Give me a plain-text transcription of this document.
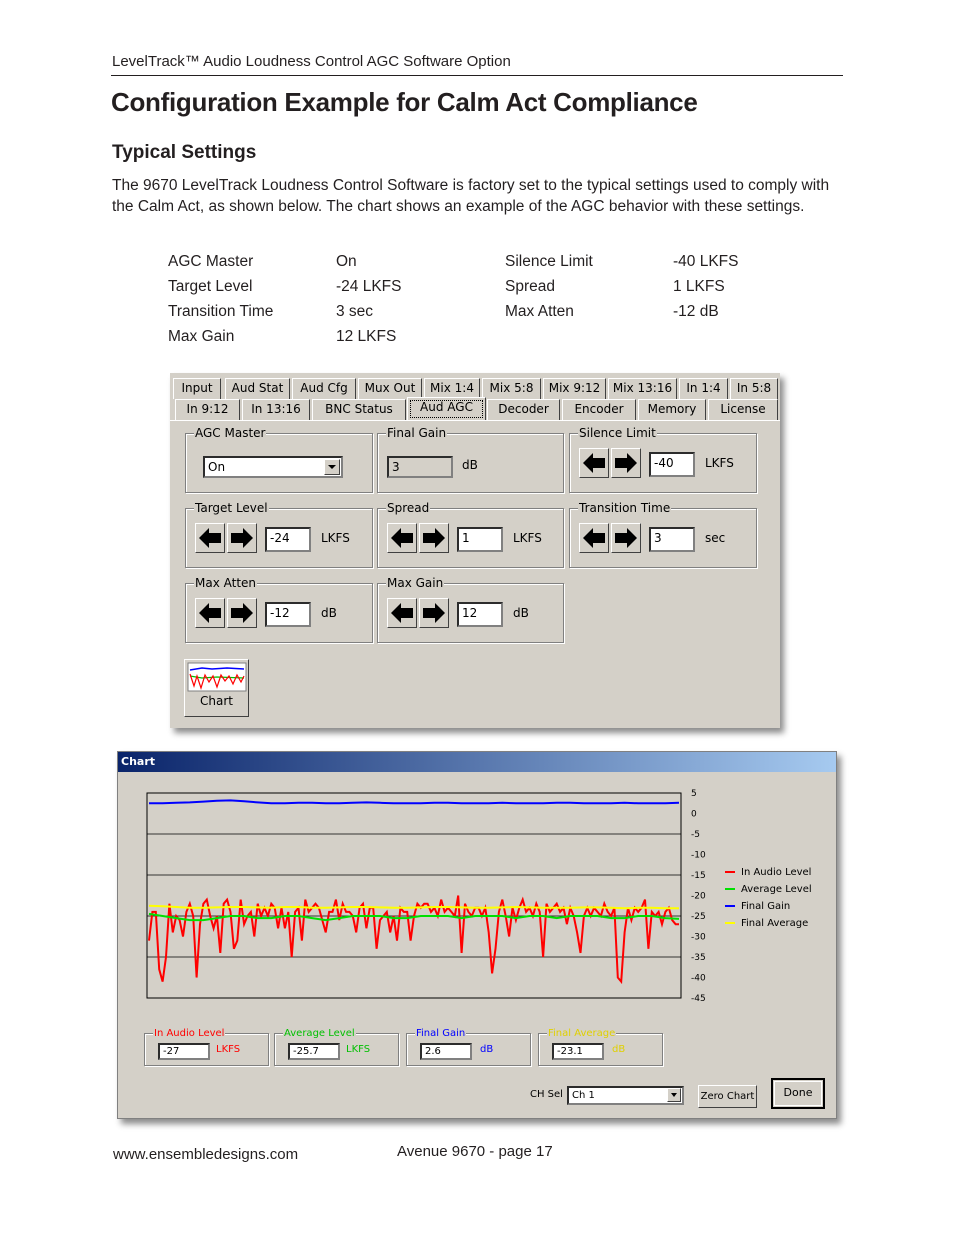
LevelTrack™ Audio Loudness Control AGC Software Option
Configuration Example for Calm Act Compliance
Typical Settings
The 9670 LevelTrack Loudness Control Software is factory set to the typical settings used to comply with the Calm Act, as shown below. The chart shows an example of the AGC behavior with these settings.
AGC Master	On
Target Level	-24 LKFS
Transition Time	3 sec
Max Gain	12 LKFS
Silence Limit	-40 LKFS
Spread	1 LKFS
Max Atten	-12 dB
Input	Aud Stat	Aud Cfg	Mux Out	Mix 1:4	Mix 5:8	Mix 9:12	Mix 13:16	In 1:4	In 5:8
In 9:12	In 13:16	BNC Status	Aud AGC	Decoder	Encoder	Memory	License
AGC Master
On
Final Gain
3	dB
Silence Limit
-40	LKFS
Target Level
-24	LKFS
Spread
1	LKFS
Transition Time
3	sec
Max Atten
-12	dB
Max Gain
12	dB
Chart
Chart
5
0
-5
-10
-15
-20
-25
-30
-35
-40
-45
In Audio Level
Average Level
Final Gain
Final Average
In Audio Level
-27	LKFS
Average Level
-25.7	LKFS
Final Gain
2.6	dB
Final Average
-23.1	dB
CH Sel Ch 1	Zero Chart	Done
www.ensembledesigns.com	Avenue 9670 - page 17
